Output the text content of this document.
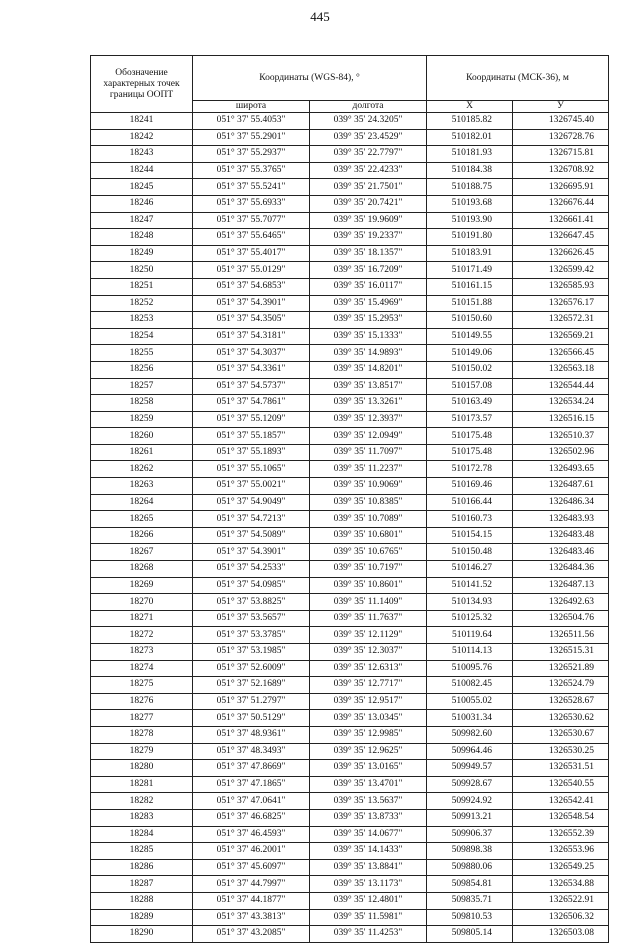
445
Обозначение характерных точек границы ООПТ	Координаты (WGS-84), °		Координаты (МСК-36), м	
	широта	долгота	X	У
18241	051° 37' 55.4053"	039° 35' 24.3205"	510185.82	1326745.40
18242	051° 37' 55.2901"	039° 35' 23.4529"	510182.01	1326728.76
18243	051° 37' 55.2937"	039° 35' 22.7797"	510181.93	1326715.81
18244	051° 37' 55.3765"	039° 35' 22.4233"	510184.38	1326708.92
18245	051° 37' 55.5241"	039° 35' 21.7501"	510188.75	1326695.91
18246	051° 37' 55.6933"	039° 35' 20.7421"	510193.68	1326676.44
18247	051° 37' 55.7077"	039° 35' 19.9609"	510193.90	1326661.41
18248	051° 37' 55.6465"	039° 35' 19.2337"	510191.80	1326647.45
18249	051° 37' 55.4017"	039° 35' 18.1357"	510183.91	1326626.45
18250	051° 37' 55.0129"	039° 35' 16.7209"	510171.49	1326599.42
18251	051° 37' 54.6853"	039° 35' 16.0117"	510161.15	1326585.93
18252	051° 37' 54.3901"	039° 35' 15.4969"	510151.88	1326576.17
18253	051° 37' 54.3505"	039° 35' 15.2953"	510150.60	1326572.31
18254	051° 37' 54.3181"	039° 35' 15.1333"	510149.55	1326569.21
18255	051° 37' 54.3037"	039° 35' 14.9893"	510149.06	1326566.45
18256	051° 37' 54.3361"	039° 35' 14.8201"	510150.02	1326563.18
18257	051° 37' 54.5737"	039° 35' 13.8517"	510157.08	1326544.44
18258	051° 37' 54.7861"	039° 35' 13.3261"	510163.49	1326534.24
18259	051° 37' 55.1209"	039° 35' 12.3937"	510173.57	1326516.15
18260	051° 37' 55.1857"	039° 35' 12.0949"	510175.48	1326510.37
18261	051° 37' 55.1893"	039° 35' 11.7097"	510175.48	1326502.96
18262	051° 37' 55.1065"	039° 35' 11.2237"	510172.78	1326493.65
18263	051° 37' 55.0021"	039° 35' 10.9069"	510169.46	1326487.61
18264	051° 37' 54.9049"	039° 35' 10.8385"	510166.44	1326486.34
18265	051° 37' 54.7213"	039° 35' 10.7089"	510160.73	1326483.93
18266	051° 37' 54.5089"	039° 35' 10.6801"	510154.15	1326483.48
18267	051° 37' 54.3901"	039° 35' 10.6765"	510150.48	1326483.46
18268	051° 37' 54.2533"	039° 35' 10.7197"	510146.27	1326484.36
18269	051° 37' 54.0985"	039° 35' 10.8601"	510141.52	1326487.13
18270	051° 37' 53.8825"	039° 35' 11.1409"	510134.93	1326492.63
18271	051° 37' 53.5657"	039° 35' 11.7637"	510125.32	1326504.76
18272	051° 37' 53.3785"	039° 35' 12.1129"	510119.64	1326511.56
18273	051° 37' 53.1985"	039° 35' 12.3037"	510114.13	1326515.31
18274	051° 37' 52.6009"	039° 35' 12.6313"	510095.76	1326521.89
18275	051° 37' 52.1689"	039° 35' 12.7717"	510082.45	1326524.79
18276	051° 37' 51.2797"	039° 35' 12.9517"	510055.02	1326528.67
18277	051° 37' 50.5129"	039° 35' 13.0345"	510031.34	1326530.62
18278	051° 37' 48.9361"	039° 35' 12.9985"	509982.60	1326530.67
18279	051° 37' 48.3493"	039° 35' 12.9625"	509964.46	1326530.25
18280	051° 37' 47.8669"	039° 35' 13.0165"	509949.57	1326531.51
18281	051° 37' 47.1865"	039° 35' 13.4701"	509928.67	1326540.55
18282	051° 37' 47.0641"	039° 35' 13.5637"	509924.92	1326542.41
18283	051° 37' 46.6825"	039° 35' 13.8733"	509913.21	1326548.54
18284	051° 37' 46.4593"	039° 35' 14.0677"	509906.37	1326552.39
18285	051° 37' 46.2001"	039° 35' 14.1433"	509898.38	1326553.96
18286	051° 37' 45.6097"	039° 35' 13.8841"	509880.06	1326549.25
18287	051° 37' 44.7997"	039° 35' 13.1173"	509854.81	1326534.88
18288	051° 37' 44.1877"	039° 35' 12.4801"	509835.71	1326522.91
18289	051° 37' 43.3813"	039° 35' 11.5981"	509810.53	1326506.32
18290	051° 37' 43.2085"	039° 35' 11.4253"	509805.14	1326503.08
